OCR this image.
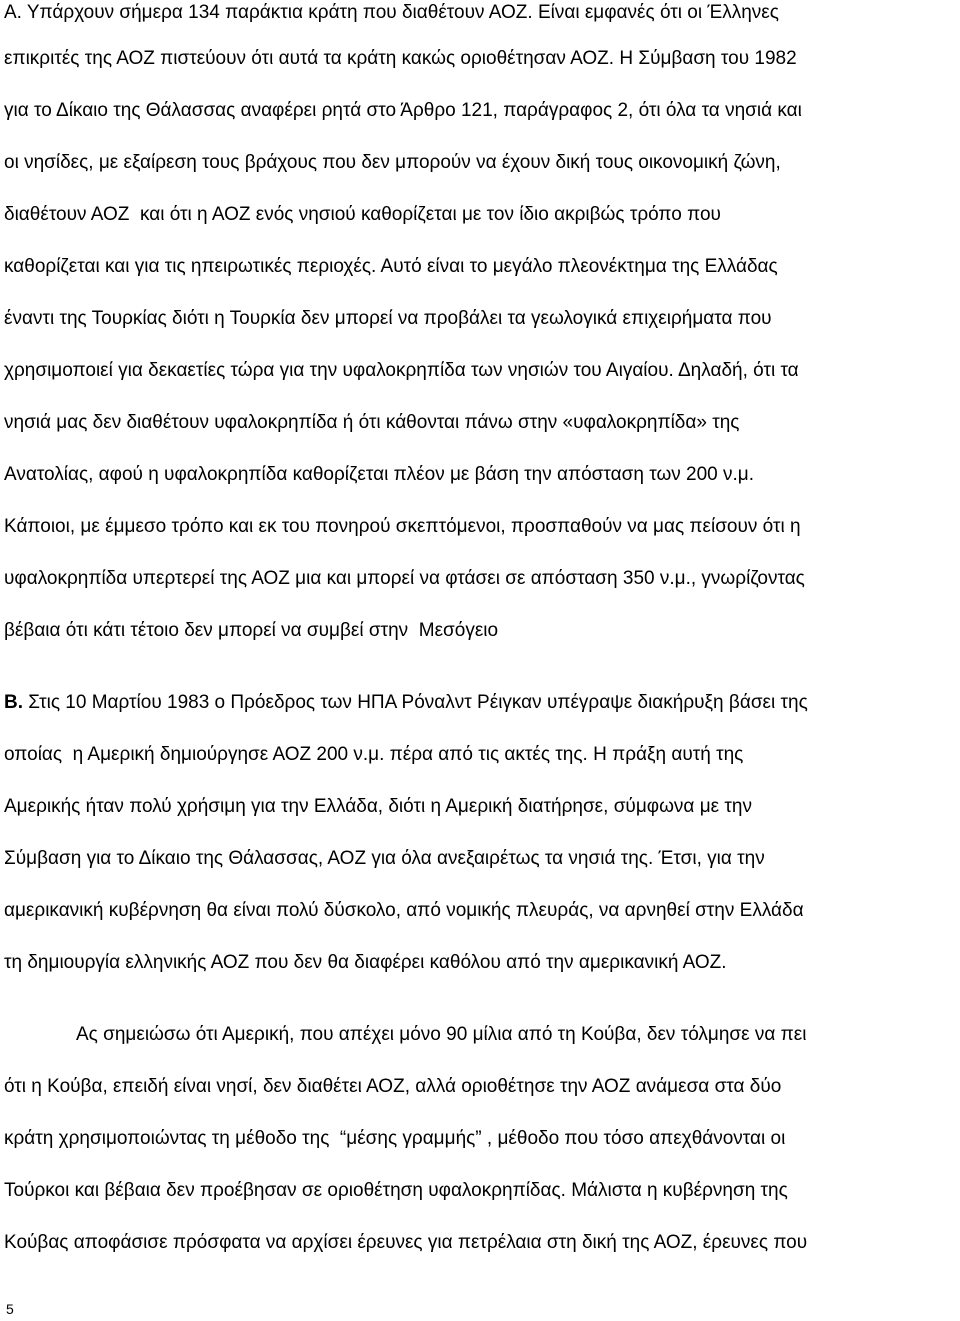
Α. Υπάρχουν σήμερα 134 παράκτια κράτη που διαθέτουν ΑΟΖ. Είναι εμφανές ότι οι Έλληνες
επικριτές της ΑΟΖ πιστεύουν ότι αυτά τα κράτη κακώς οριοθέτησαν ΑΟΖ. Η Σύμβαση του 1982
για το Δίκαιο της Θάλασσας αναφέρει ρητά στο Άρθρο 121, παράγραφος 2, ότι όλα τα νησιά και
οι νησίδες, με εξαίρεση τους βράχους που δεν μπορούν να έχουν δική τους οικονομική ζώνη,
διαθέτουν ΑΟΖ  και ότι η ΑΟΖ ενός νησιού καθορίζεται με τον ίδιο ακριβώς τρόπο που
καθορίζεται και για τις ηπειρωτικές περιοχές. Αυτό είναι το μεγάλο πλεονέκτημα της Ελλάδας
έναντι της Τουρκίας διότι η Τουρκία δεν μπορεί να προβάλει τα γεωλογικά επιχειρήματα που
χρησιμοποιεί για δεκαετίες τώρα για την υφαλοκρηπίδα των νησιών του Αιγαίου. Δηλαδή, ότι τα
νησιά μας δεν διαθέτουν υφαλοκρηπίδα ή ότι κάθονται πάνω στην «υφαλοκρηπίδα» της
Ανατολίας, αφού η υφαλοκρηπίδα καθορίζεται πλέον με βάση την απόσταση των 200 ν.μ.
Κάποιοι, με έμμεσο τρόπο και εκ του πονηρού σκεπτόμενοι, προσπαθούν να μας πείσουν ότι η
υφαλοκρηπίδα υπερτερεί της ΑΟΖ μια και μπορεί να φτάσει σε απόσταση 350 ν.μ., γνωρίζοντας
βέβαια ότι κάτι τέτοιο δεν μπορεί να συμβεί στην  Μεσόγειο
Β. Στις 10 Μαρτίου 1983 ο Πρόεδρος των ΗΠΑ Ρόναλντ Ρέιγκαν υπέγραψε διακήρυξη βάσει της
οποίας  η Αμερική δημιούργησε ΑΟΖ 200 ν.μ. πέρα από τις ακτές της. Η πράξη αυτή της
Αμερικής ήταν πολύ χρήσιμη για την Ελλάδα, διότι η Αμερική διατήρησε, σύμφωνα με την
Σύμβαση για το Δίκαιο της Θάλασσας, ΑΟΖ για όλα ανεξαιρέτως τα νησιά της. Έτσι, για την
αμερικανική κυβέρνηση θα είναι πολύ δύσκολο, από νομικής πλευράς, να αρνηθεί στην Ελλάδα
τη δημιουργία ελληνικής ΑΟΖ που δεν θα διαφέρει καθόλου από την αμερικανική ΑΟΖ.
Ας σημειώσω ότι Αμερική, που απέχει μόνο 90 μίλια από τη Κούβα, δεν τόλμησε να πει
ότι η Κούβα, επειδή είναι νησί, δεν διαθέτει ΑΟΖ, αλλά οριοθέτησε την ΑΟΖ ανάμεσα στα δύο
κράτη χρησιμοποιώντας τη μέθοδο της  “μέσης γραμμής” , μέθοδο που τόσο απεχθάνονται οι
Τούρκοι και βέβαια δεν προέβησαν σε οριοθέτηση υφαλοκρηπίδας. Μάλιστα η κυβέρνηση της
Κούβας αποφάσισε πρόσφατα να αρχίσει έρευνες για πετρέλαια στη δική της ΑΟΖ, έρευνες που
5
